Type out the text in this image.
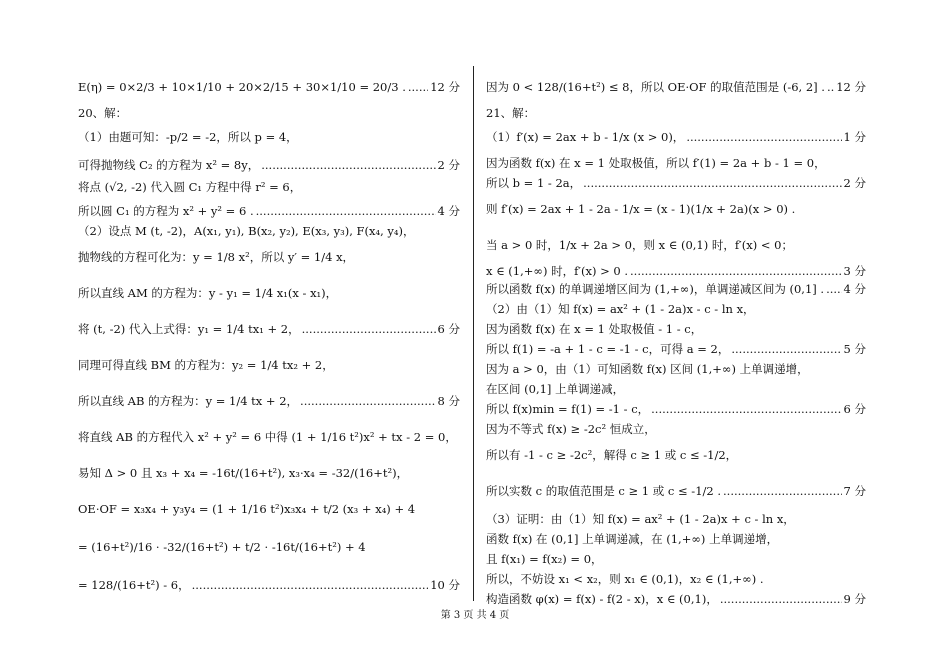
E(η) = 0×2/3 + 10×1/10 + 20×2/15 + 30×1/10 = 20/3 . ..... 12 分
20、解：
（1）由题可知：-p/2 = -2，所以 p = 4，
可得抛物线 C₂ 的方程为 x² = 8y， .....	2 分
将点 (√2, -2) 代入圆 C₁ 方程中得 r² = 6，
所以圆 C₁ 的方程为 x² + y² = 6 . .....	4 分
（2）设点 M (t, -2)，A(x₁, y₁), B(x₂, y₂), E(x₃, y₃), F(x₄, y₄)，
抛物线的方程可化为：y = 1/8 x²，所以 y′ = 1/4 x，
所以直线 AM 的方程为：y - y₁ = 1/4 x₁(x - x₁)，
将 (t, -2) 代入上式得：y₁ = 1/4 tx₁ + 2， .....	6 分
同理可得直线 BM 的方程为：y₂ = 1/4 tx₂ + 2，
所以直线 AB 的方程为：y = 1/4 tx + 2， .....	8 分
将直线 AB 的方程代入 x² + y² = 6 中得 (1 + 1/16 t²)x² + tx - 2 = 0，
易知 Δ > 0 且 x₃ + x₄ = -16t/(16+t²), x₃·x₄ = -32/(16+t²)，
OE·OF = x₃x₄ + y₃y₄ = (1 + 1/16 t²)x₃x₄ + t/2 (x₃ + x₄) + 4
= (16+t²)/16 · -32/(16+t²) + t/2 · -16t/(16+t²) + 4
= 128/(16+t²) - 6， .....	10 分
因为 0 < 128/(16+t²) ≤ 8，所以 OE·OF 的取值范围是 (-6, 2] . ..... 12 分
21、解：
（1）f′(x) = 2ax + b - 1/x (x > 0)， .....	1 分
因为函数 f(x) 在 x = 1 处取极值，所以 f′(1) = 2a + b - 1 = 0，
所以 b = 1 - 2a， .....	2 分
则 f′(x) = 2ax + 1 - 2a - 1/x = (x - 1)(1/x + 2a)(x > 0) .
当 a > 0 时，1/x + 2a > 0，则 x ∈ (0,1) 时，f′(x) < 0；
x ∈ (1,+∞) 时，f′(x) > 0 . .....	3 分
所以函数 f(x) 的单调递增区间为 (1,+∞)，单调递减区间为 (0,1] . ..... 4 分
（2）由（1）知 f(x) = ax² + (1 - 2a)x - c - ln x，
因为函数 f(x) 在 x = 1 处取极值 - 1 - c，
所以 f(1) = -a + 1 - c = -1 - c，可得 a = 2， .....	5 分
因为 a > 0，由（1）可知函数 f(x) 区间 (1,+∞) 上单调递增，
在区间 (0,1] 上单调递减，
所以 f(x)min = f(1) = -1 - c， .....	6 分
因为不等式 f(x) ≥ -2c² 恒成立，
所以有 -1 - c ≥ -2c²，解得 c ≥ 1 或 c ≤ -1/2，
所以实数 c 的取值范围是 c ≥ 1 或 c ≤ -1/2 . .....	7 分
（3）证明：由（1）知 f(x) = ax² + (1 - 2a)x + c - ln x，
函数 f(x) 在 (0,1] 上单调递减，在 (1,+∞) 上单调递增，
且 f(x₁) = f(x₂) = 0，
所以，不妨设 x₁ < x₂，则 x₁ ∈ (0,1)，x₂ ∈ (1,+∞) .
构造函数 φ(x) = f(x) - f(2 - x)，x ∈ (0,1)， .....	9 分
第 3 页 共 4 页
